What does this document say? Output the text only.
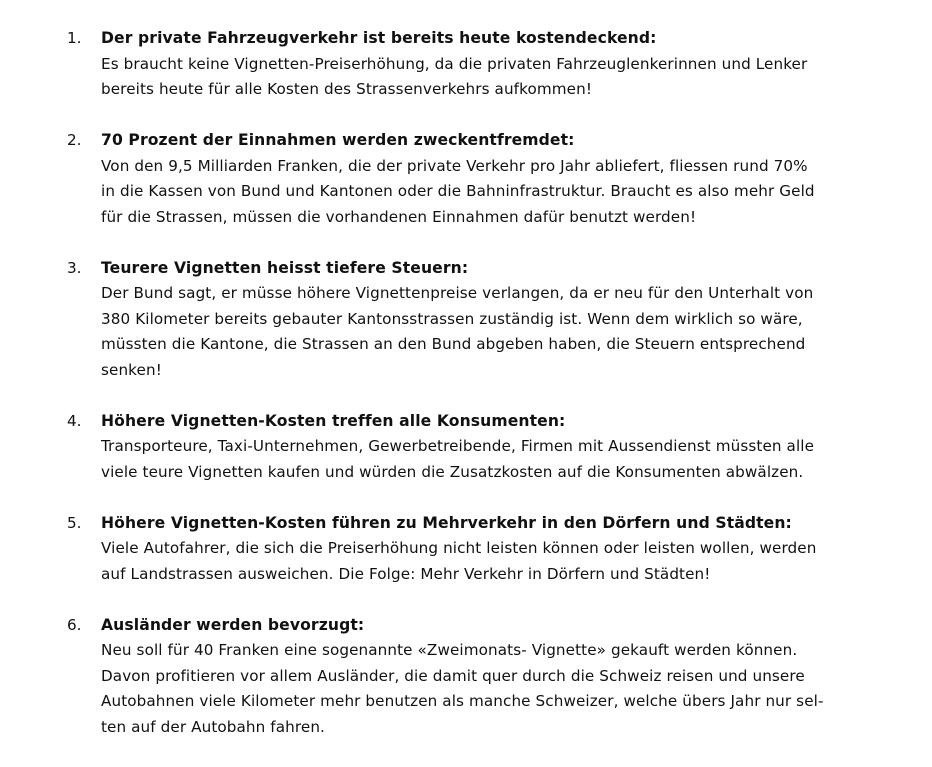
1. Der private Fahrzeugverkehr ist bereits heute kostendeckend:
Es braucht keine Vignetten-Preiserhöhung, da die privaten Fahrzeuglenkerinnen und Lenker
bereits heute für alle Kosten des Strassenverkehrs aufkommen!
2. 70 Prozent der Einnahmen werden zweckentfremdet:
Von den 9,5 Milliarden Franken, die der private Verkehr pro Jahr abliefert, fliessen rund 70%
in die Kassen von Bund und Kantonen oder die Bahninfrastruktur. Braucht es also mehr Geld
für die Strassen, müssen die vorhandenen Einnahmen dafür benutzt werden!
3. Teurere Vignetten heisst tiefere Steuern:
Der Bund sagt, er müsse höhere Vignettenpreise verlangen, da er neu für den Unterhalt von
380 Kilometer bereits gebauter Kantonsstrassen zuständig ist. Wenn dem wirklich so wäre,
müssten die Kantone, die Strassen an den Bund abgeben haben, die Steuern entsprechend
senken!
4. Höhere Vignetten-Kosten treffen alle Konsumenten:
Transporteure, Taxi-Unternehmen, Gewerbetreibende, Firmen mit Aussendienst müssten alle
viele teure Vignetten kaufen und würden die Zusatzkosten auf die Konsumenten abwälzen.
5. Höhere Vignetten-Kosten führen zu Mehrverkehr in den Dörfern und Städten:
Viele Autofahrer, die sich die Preiserhöhung nicht leisten können oder leisten wollen, werden
auf Landstrassen ausweichen. Die Folge: Mehr Verkehr in Dörfern und Städten!
6. Ausländer werden bevorzugt:
Neu soll für 40 Franken eine sogenannte «Zweimonats- Vignette» gekauft werden können.
Davon profitieren vor allem Ausländer, die damit quer durch die Schweiz reisen und unsere
Autobahnen viele Kilometer mehr benutzen als manche Schweizer, welche übers Jahr nur sel-
ten auf der Autobahn fahren.
